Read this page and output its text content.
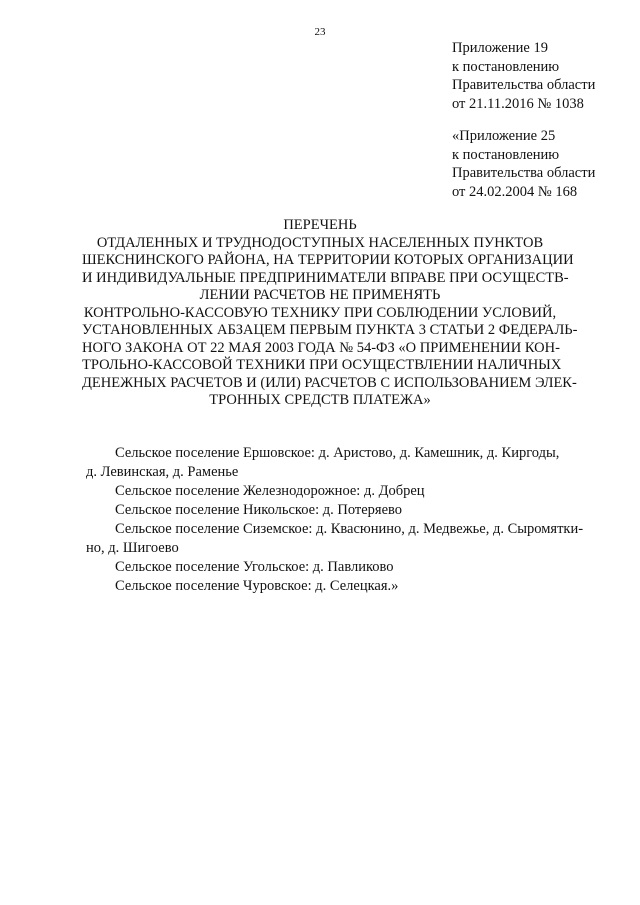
23
Приложение 19
к постановлению
Правительства области
от 21.11.2016 № 1038
«Приложение 25
к постановлению
Правительства области
от 24.02.2004 № 168
ПЕРЕЧЕНЬ
ОТДАЛЕННЫХ И ТРУДНОДОСТУПНЫХ НАСЕЛЕННЫХ ПУНКТОВ
ШЕКСНИНСКОГО РАЙОНА, НА ТЕРРИТОРИИ КОТОРЫХ ОРГАНИЗАЦИИ
И ИНДИВИДУАЛЬНЫЕ ПРЕДПРИНИМАТЕЛИ ВПРАВЕ ПРИ ОСУЩЕСТВ-
ЛЕНИИ РАСЧЕТОВ НЕ ПРИМЕНЯТЬ
КОНТРОЛЬНО-КАССОВУЮ ТЕХНИКУ ПРИ СОБЛЮДЕНИИ УСЛОВИЙ,
УСТАНОВЛЕННЫХ АБЗАЦЕМ ПЕРВЫМ ПУНКТА 3 СТАТЬИ 2 ФЕДЕРАЛЬ-
НОГО ЗАКОНА ОТ 22 МАЯ 2003 ГОДА № 54-ФЗ «О ПРИМЕНЕНИИ КОН-
ТРОЛЬНО-КАССОВОЙ ТЕХНИКИ ПРИ ОСУЩЕСТВЛЕНИИ НАЛИЧНЫХ
ДЕНЕЖНЫХ РАСЧЕТОВ И (ИЛИ) РАСЧЕТОВ С ИСПОЛЬЗОВАНИЕМ ЭЛЕК-
ТРОННЫХ СРЕДСТВ ПЛАТЕЖА»
Сельское поселение Ершовское: д. Аристово, д. Камешник, д. Киргоды,
д. Левинская, д. Раменье
Сельское поселение Железнодорожное: д. Добрец
Сельское поселение Никольское: д. Потеряево
Сельское поселение Сиземское: д. Квасюнино, д. Медвежье, д. Сыромятки-
но, д. Шигоево
Сельское поселение Угольское: д. Павликово
Сельское поселение Чуровское: д. Селецкая.»
